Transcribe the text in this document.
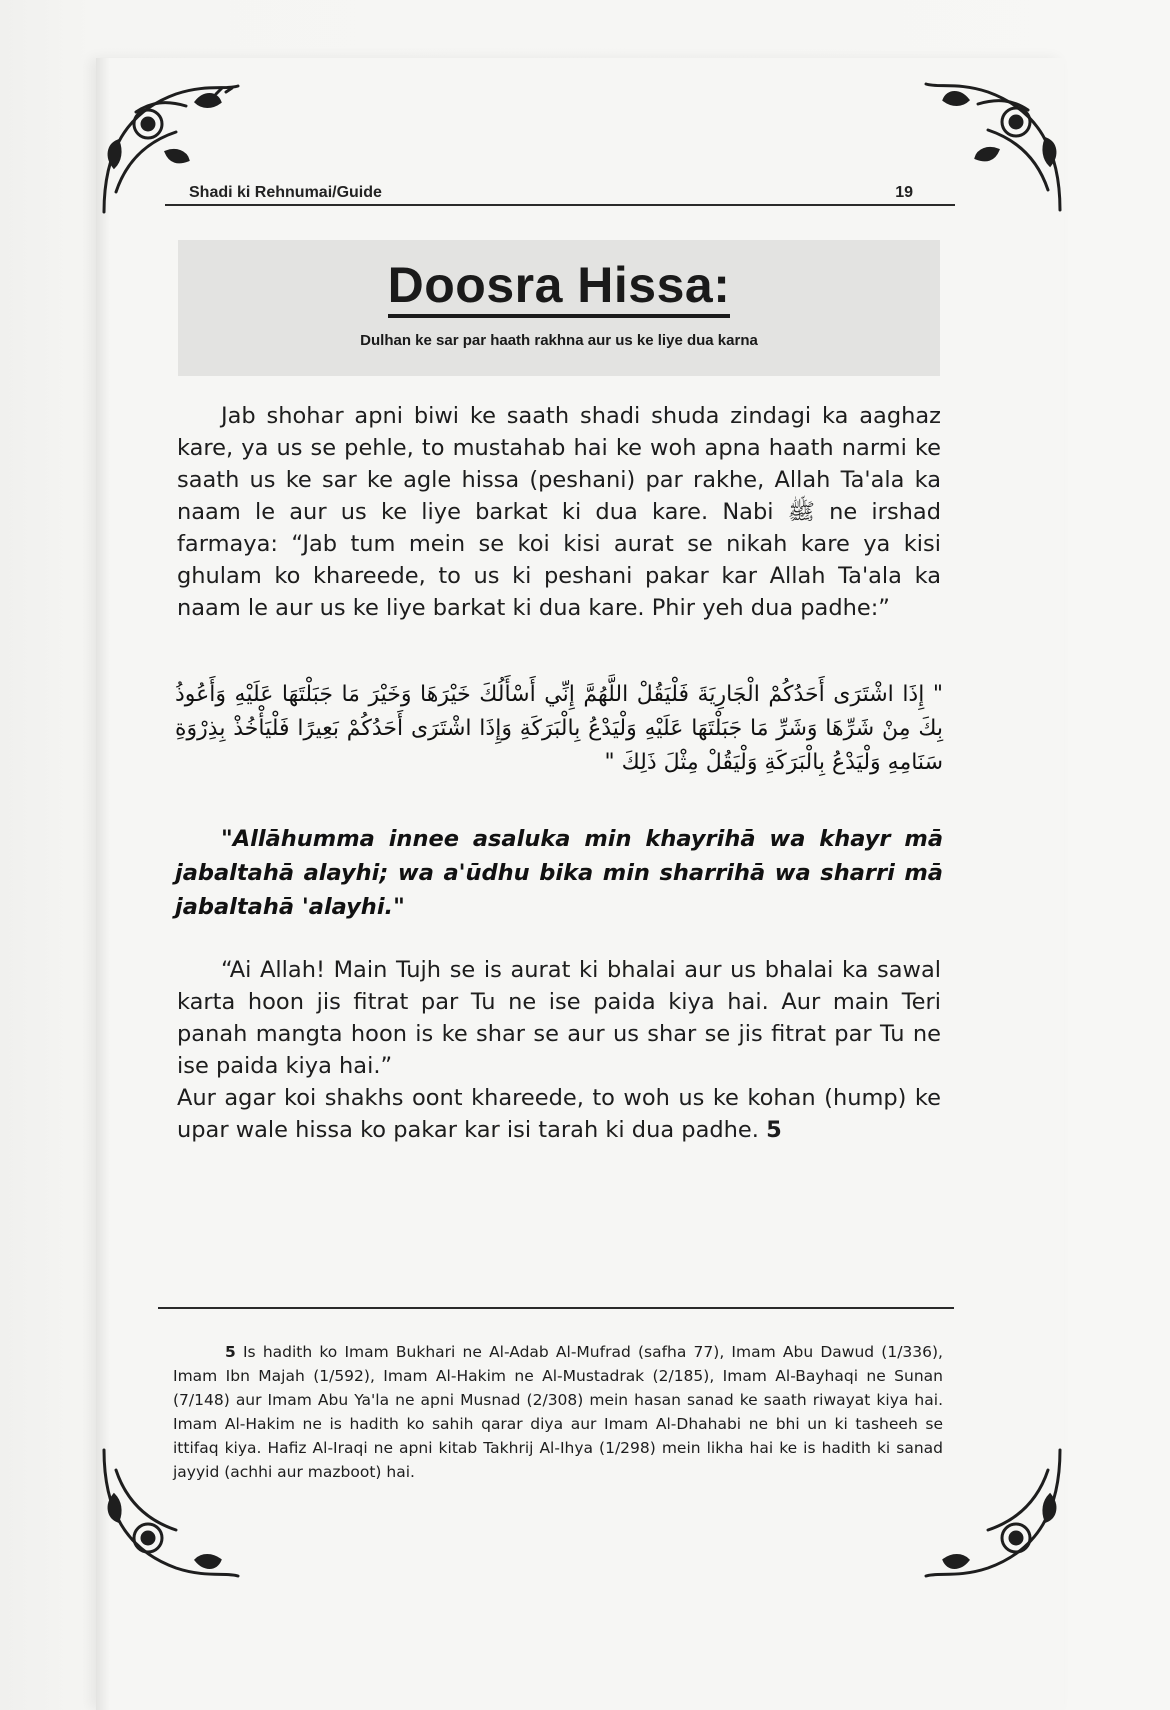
Shadi ki Rehnumai/Guide	19
Doosra Hissa:
Dulhan ke sar par haath rakhna aur us ke liye dua karna
Jab shohar apni biwi ke saath shadi shuda zindagi ka aaghaz kare, ya us se pehle, to mustahab hai ke woh apna haath narmi ke saath us ke sar ke agle hissa (peshani) par rakhe, Allah Ta'ala ka naam le aur us ke liye barkat ki dua kare. Nabi ﷺ ne irshad farmaya: “Jab tum mein se koi kisi aurat se nikah kare ya kisi ghulam ko khareede, to us ki peshani pakar kar Allah Ta'ala ka naam le aur us ke liye barkat ki dua kare. Phir yeh dua padhe:”
" إِذَا اشْتَرَى أَحَدُكُمْ الْجَارِيَةَ فَلْيَقُلْ اللَّهُمَّ إِنِّي أَسْأَلُكَ خَيْرَهَا وَخَيْرَ مَا جَبَلْتَهَا عَلَيْهِ وَأَعُوذُ بِكَ مِنْ شَرِّهَا وَشَرِّ مَا جَبَلْتَهَا عَلَيْهِ وَلْيَدْعُ بِالْبَرَكَةِ وَإِذَا اشْتَرَى أَحَدُكُمْ بَعِيرًا فَلْيَأْخُذْ بِذِرْوَةِ سَنَامِهِ وَلْيَدْعُ بِالْبَرَكَةِ وَلْيَقُلْ مِثْلَ ذَلِكَ "
"Allāhumma innee asaluka min khayrihā wa khayr mā jabaltahā alayhi; wa a'ūdhu bika min sharrihā wa sharri mā jabaltahā 'alayhi."
“Ai Allah! Main Tujh se is aurat ki bhalai aur us bhalai ka sawal karta hoon jis fitrat par Tu ne ise paida kiya hai. Aur main Teri panah mangta hoon is ke shar se aur us shar se jis fitrat par Tu ne ise paida kiya hai.”
Aur agar koi shakhs oont khareede, to woh us ke kohan (hump) ke upar wale hissa ko pakar kar isi tarah ki dua padhe. 5
5 Is hadith ko Imam Bukhari ne Al-Adab Al-Mufrad (safha 77), Imam Abu Dawud (1/336), Imam Ibn Majah (1/592), Imam Al-Hakim ne Al-Mustadrak (2/185), Imam Al-Bayhaqi ne Sunan (7/148) aur Imam Abu Ya'la ne apni Musnad (2/308) mein hasan sanad ke saath riwayat kiya hai. Imam Al-Hakim ne is hadith ko sahih qarar diya aur Imam Al-Dhahabi ne bhi un ki tasheeh se ittifaq kiya. Hafiz Al-Iraqi ne apni kitab Takhrij Al-Ihya (1/298) mein likha hai ke is hadith ki sanad jayyid (achhi aur mazboot) hai.
